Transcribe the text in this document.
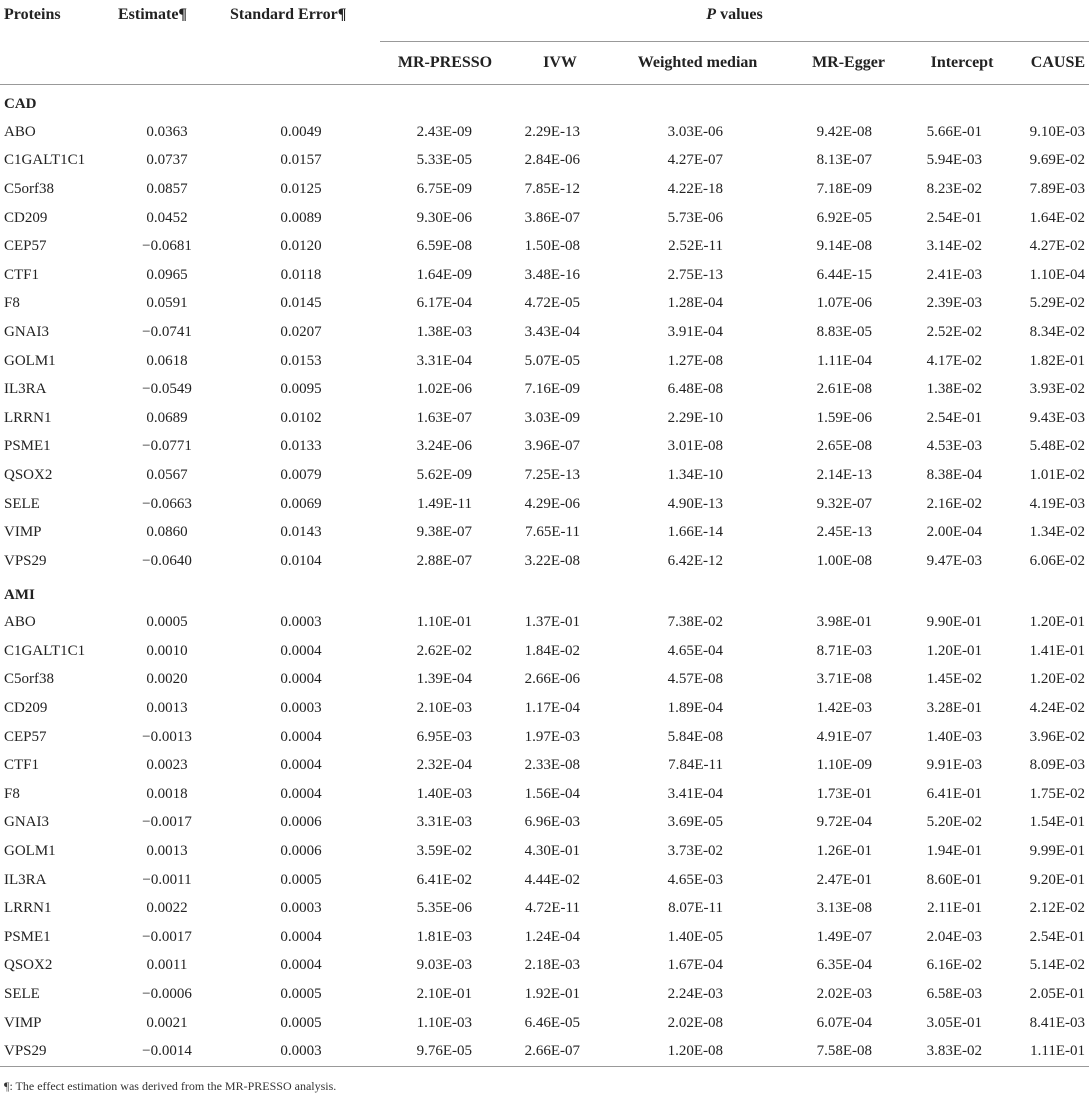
Proteins	Estimate¶	Standard Error¶	P values					
			MR-PRESSO	IVW	Weighted median	MR-Egger	Intercept	CAUSE
CAD								
ABO	0.0363	0.0049	2.43E-09	2.29E-13	3.03E-06	9.42E-08	5.66E-01	9.10E-03
C1GALT1C1	0.0737	0.0157	5.33E-05	2.84E-06	4.27E-07	8.13E-07	5.94E-03	9.69E-02
C5orf38	0.0857	0.0125	6.75E-09	7.85E-12	4.22E-18	7.18E-09	8.23E-02	7.89E-03
CD209	0.0452	0.0089	9.30E-06	3.86E-07	5.73E-06	6.92E-05	2.54E-01	1.64E-02
CEP57	−0.0681	0.0120	6.59E-08	1.50E-08	2.52E-11	9.14E-08	3.14E-02	4.27E-02
CTF1	0.0965	0.0118	1.64E-09	3.48E-16	2.75E-13	6.44E-15	2.41E-03	1.10E-04
F8	0.0591	0.0145	6.17E-04	4.72E-05	1.28E-04	1.07E-06	2.39E-03	5.29E-02
GNAI3	−0.0741	0.0207	1.38E-03	3.43E-04	3.91E-04	8.83E-05	2.52E-02	8.34E-02
GOLM1	0.0618	0.0153	3.31E-04	5.07E-05	1.27E-08	1.11E-04	4.17E-02	1.82E-01
IL3RA	−0.0549	0.0095	1.02E-06	7.16E-09	6.48E-08	2.61E-08	1.38E-02	3.93E-02
LRRN1	0.0689	0.0102	1.63E-07	3.03E-09	2.29E-10	1.59E-06	2.54E-01	9.43E-03
PSME1	−0.0771	0.0133	3.24E-06	3.96E-07	3.01E-08	2.65E-08	4.53E-03	5.48E-02
QSOX2	0.0567	0.0079	5.62E-09	7.25E-13	1.34E-10	2.14E-13	8.38E-04	1.01E-02
SELE	−0.0663	0.0069	1.49E-11	4.29E-06	4.90E-13	9.32E-07	2.16E-02	4.19E-03
VIMP	0.0860	0.0143	9.38E-07	7.65E-11	1.66E-14	2.45E-13	2.00E-04	1.34E-02
VPS29	−0.0640	0.0104	2.88E-07	3.22E-08	6.42E-12	1.00E-08	9.47E-03	6.06E-02
AMI								
ABO	0.0005	0.0003	1.10E-01	1.37E-01	7.38E-02	3.98E-01	9.90E-01	1.20E-01
C1GALT1C1	0.0010	0.0004	2.62E-02	1.84E-02	4.65E-04	8.71E-03	1.20E-01	1.41E-01
C5orf38	0.0020	0.0004	1.39E-04	2.66E-06	4.57E-08	3.71E-08	1.45E-02	1.20E-02
CD209	0.0013	0.0003	2.10E-03	1.17E-04	1.89E-04	1.42E-03	3.28E-01	4.24E-02
CEP57	−0.0013	0.0004	6.95E-03	1.97E-03	5.84E-08	4.91E-07	1.40E-03	3.96E-02
CTF1	0.0023	0.0004	2.32E-04	2.33E-08	7.84E-11	1.10E-09	9.91E-03	8.09E-03
F8	0.0018	0.0004	1.40E-03	1.56E-04	3.41E-04	1.73E-01	6.41E-01	1.75E-02
GNAI3	−0.0017	0.0006	3.31E-03	6.96E-03	3.69E-05	9.72E-04	5.20E-02	1.54E-01
GOLM1	0.0013	0.0006	3.59E-02	4.30E-01	3.73E-02	1.26E-01	1.94E-01	9.99E-01
IL3RA	−0.0011	0.0005	6.41E-02	4.44E-02	4.65E-03	2.47E-01	8.60E-01	9.20E-01
LRRN1	0.0022	0.0003	5.35E-06	4.72E-11	8.07E-11	3.13E-08	2.11E-01	2.12E-02
PSME1	−0.0017	0.0004	1.81E-03	1.24E-04	1.40E-05	1.49E-07	2.04E-03	2.54E-01
QSOX2	0.0011	0.0004	9.03E-03	2.18E-03	1.67E-04	6.35E-04	6.16E-02	5.14E-02
SELE	−0.0006	0.0005	2.10E-01	1.92E-01	2.24E-03	2.02E-03	6.58E-03	2.05E-01
VIMP	0.0021	0.0005	1.10E-03	6.46E-05	2.02E-08	6.07E-04	3.05E-01	8.41E-03
VPS29	−0.0014	0.0003	9.76E-05	2.66E-07	1.20E-08	7.58E-08	3.83E-02	1.11E-01
¶: The effect estimation was derived from the MR-PRESSO analysis.
